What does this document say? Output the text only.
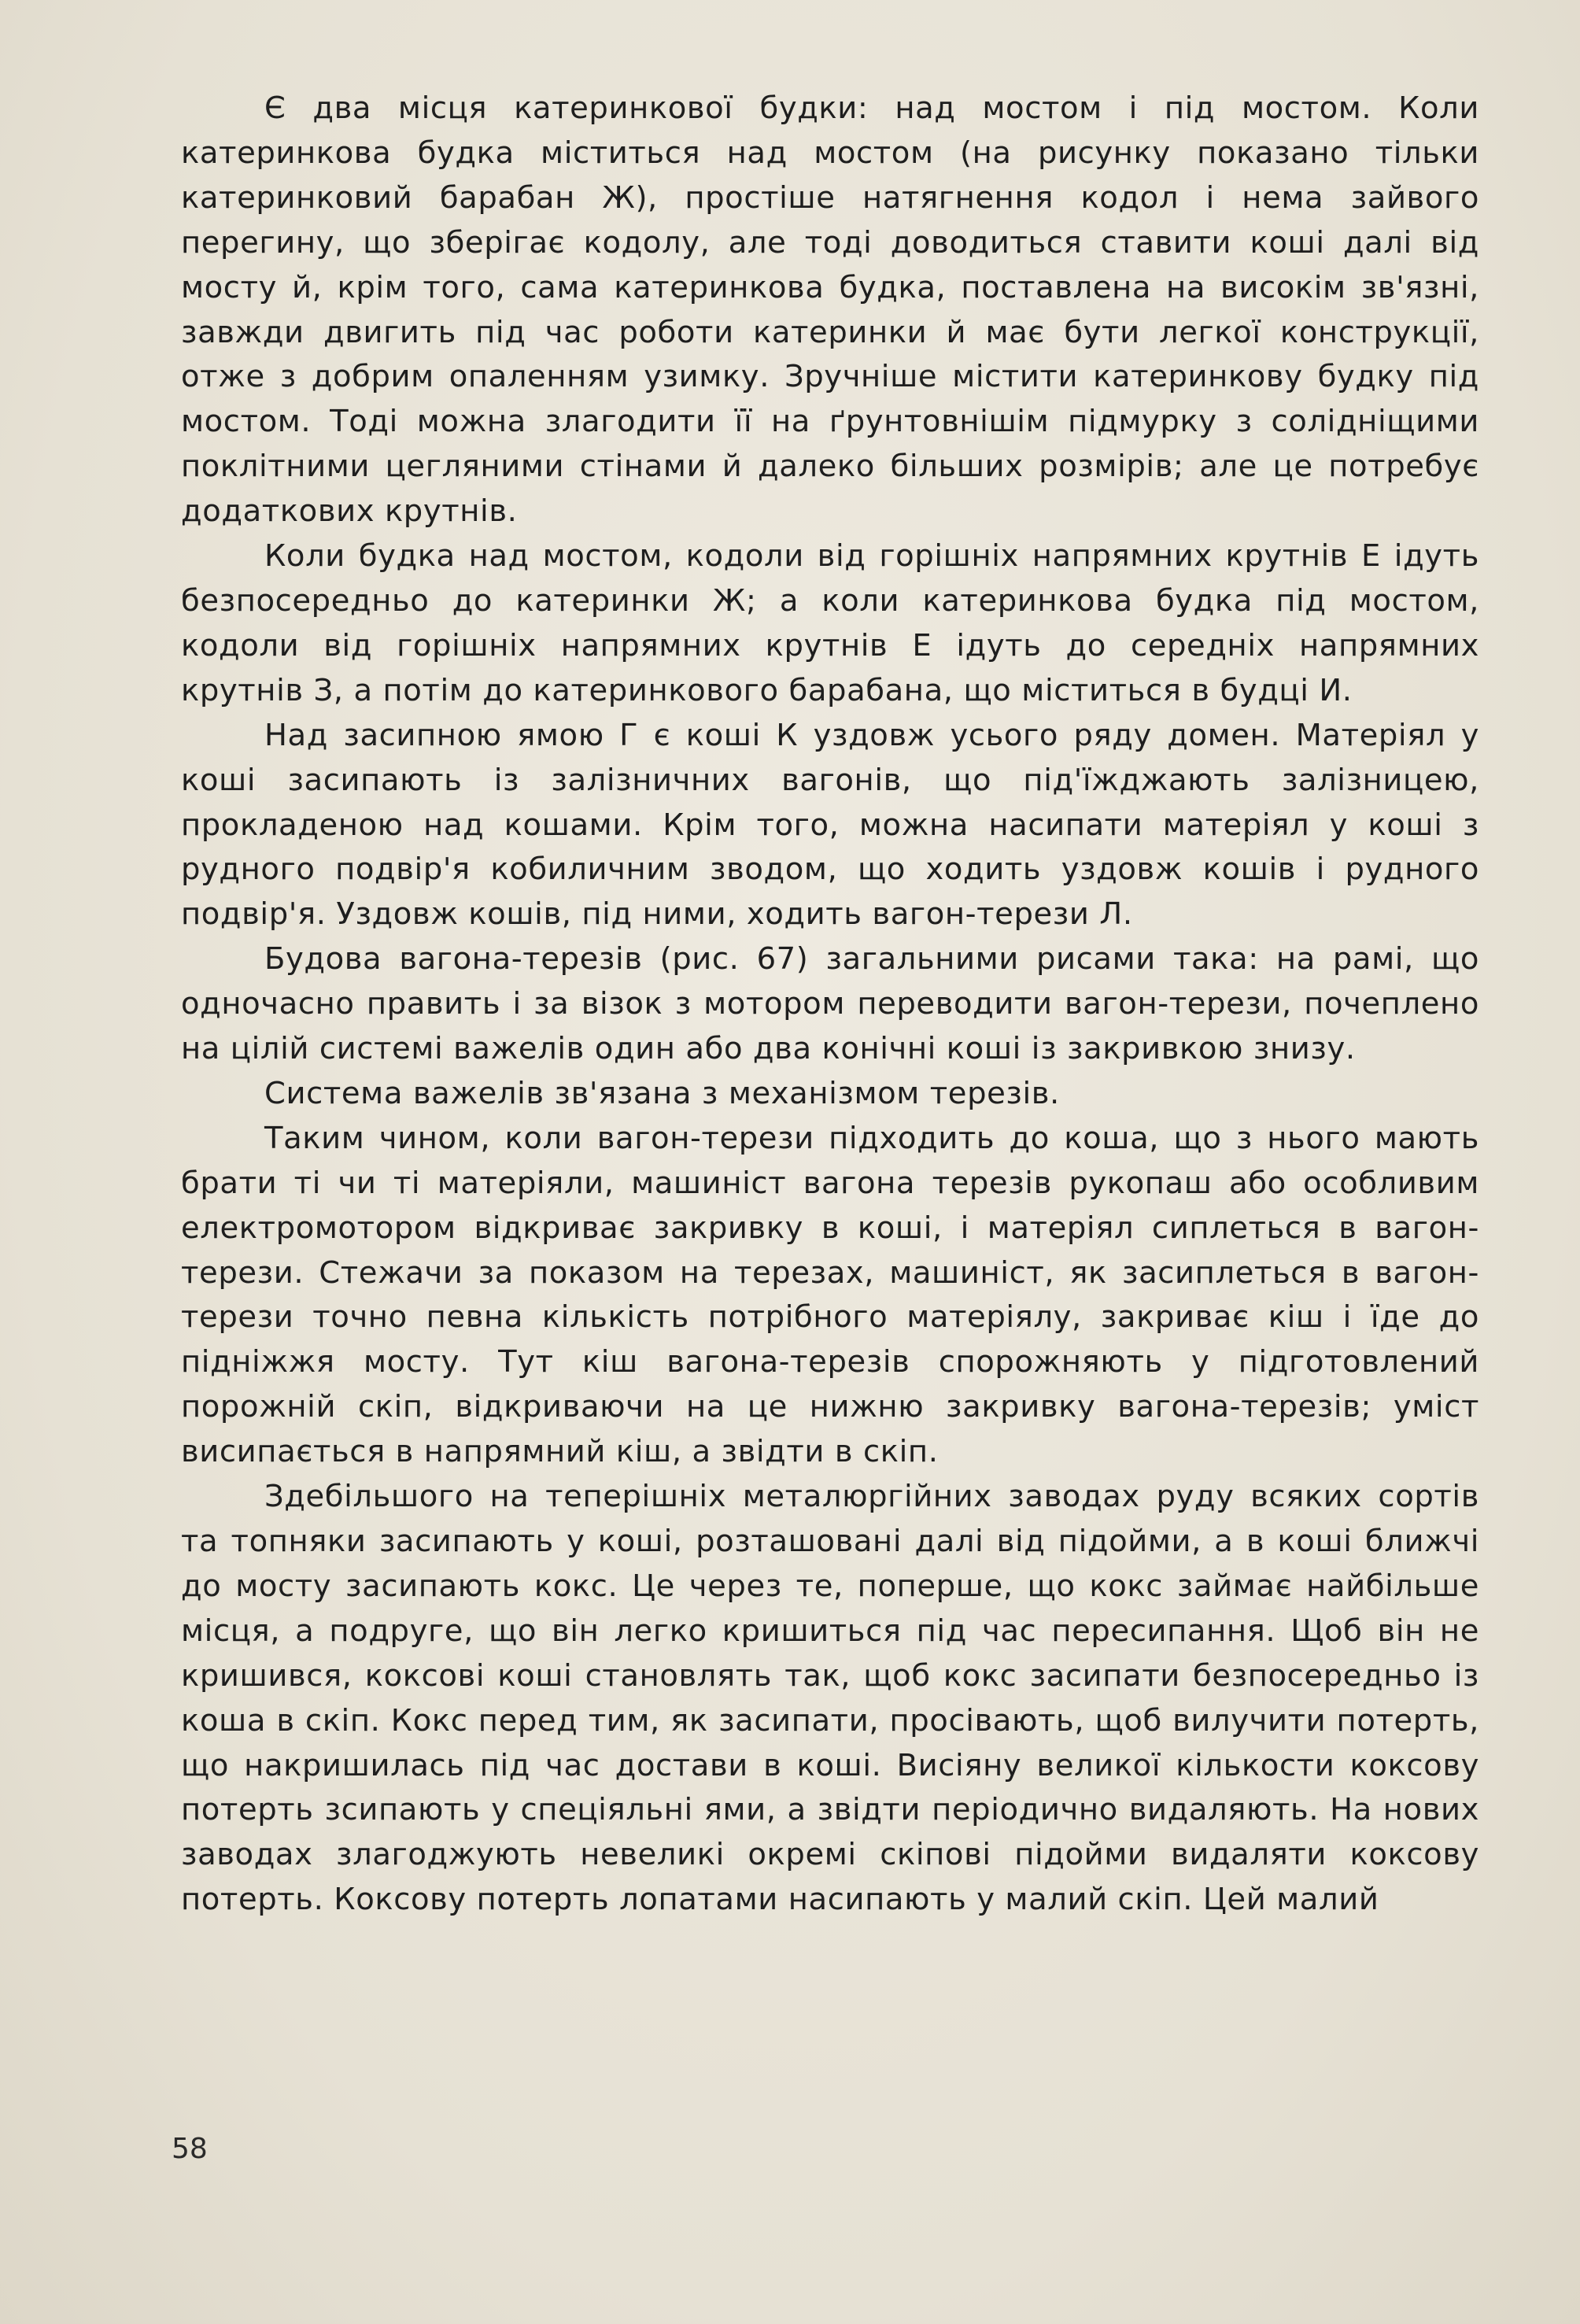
Є два місця катеринкової будки: над мостом і під мостом. Коли катеринкова будка міститься над мостом (на рисунку показано тільки катеринковий барабан Ж), простіше натягнення кодол і нема зайвого перегину, що зберігає кодолу, але тоді доводиться ставити коші далі від мосту й, крім того, сама катеринкова будка, поставлена на високім зв'язні, завжди двигить під час роботи катеринки й має бути легкої конструкції, отже з добрим опаленням узимку. Зручніше містити катеринкову будку під мостом. Тоді можна злагодити її на ґрунтовнішім підмурку з солідніщими поклітними цегляними стінами й далеко більших розмірів; але це потребує додаткових крутнів.

Коли будка над мостом, кодоли від горішніх напрямних крутнів Е ідуть безпосередньо до катеринки Ж; а коли катеринкова будка під мостом, кодоли від горішніх напрямних крутнів Е ідуть до середніх напрямних крутнів З, а потім до катеринкового барабана, що міститься в будці И.

Над засипною ямою Г є коші К уздовж усього ряду домен. Матеріял у коші засипають із залізничних вагонів, що під'їжджають залізницею, прокладеною над кошами. Крім того, можна насипати матеріял у коші з рудного подвір'я кобиличним зводом, що ходить уздовж кошів і рудного подвір'я. Уздовж кошів, під ними, ходить вагон-терези Л.

Будова вагона-терезів (рис. 67) загальними рисами така: на рамі, що одночасно править і за візок з мотором переводити вагон-терези, почеплено на цілій системі важелів один або два конічні коші із закривкою знизу.

Система важелів зв'язана з механізмом терезів.

Таким чином, коли вагон-терези підходить до коша, що з нього мають брати ті чи ті матеріяли, машиніст вагона терезів рукопаш або особливим електромотором відкриває закривку в коші, і матеріял сиплеться в вагон-терези. Стежачи за показом на терезах, машиніст, як засиплеться в вагон-терези точно певна кількість потрібного матеріялу, закриває кіш і їде до підніжжя мосту. Тут кіш вагона-терезів спорожняють у підготовлений порожній скіп, відкриваючи на це нижню закривку вагона-терезів; уміст висипається в напрямний кіш, а звідти в скіп.

Здебільшого на теперішніх металюргійних заводах руду всяких сортів та топняки засипають у коші, розташовані далі від підойми, а в коші ближчі до мосту засипають кокс. Це через те, поперше, що кокс займає найбільше місця, а подруге, що він легко кришиться під час пересипання. Щоб він не кришився, коксові коші становлять так, щоб кокс засипати безпосередньо із коша в скіп. Кокс перед тим, як засипати, просівають, щоб вилучити потерть, що накришилась під час достави в коші. Висіяну великої кількости коксову потерть зсипають у спеціяльні ями, а звідти періодично видаляють. На нових заводах злагоджують невеликі окремі скіпові підойми видаляти коксову потерть. Коксову потерть лопатами насипають у малий скіп. Цей малий

58
